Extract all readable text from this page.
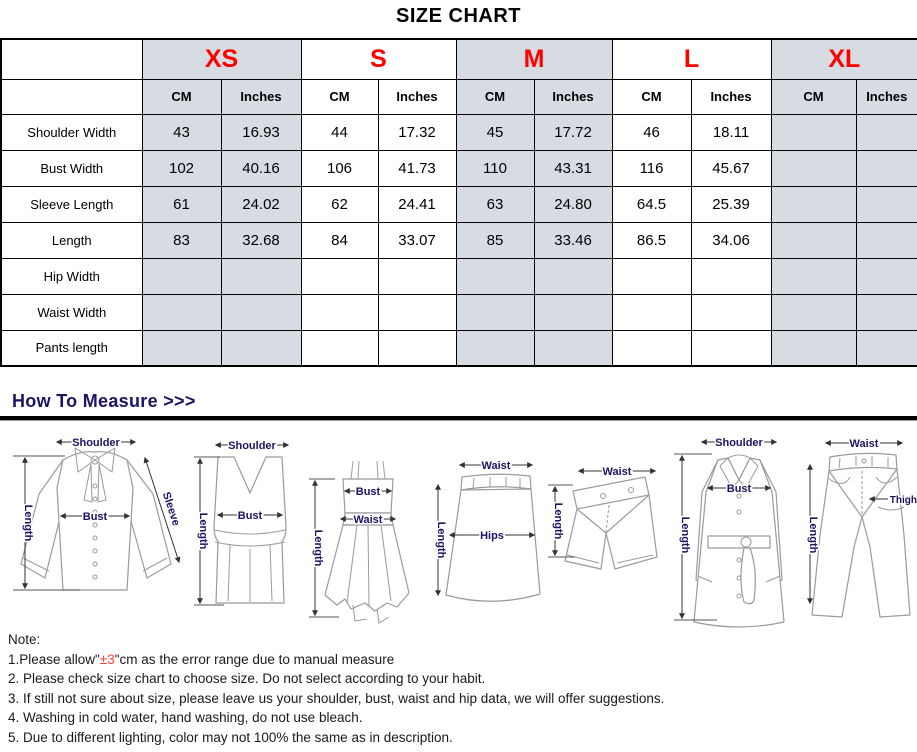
SIZE CHART
	XS		S		M		L		XL	
	CM	Inches	CM	Inches	CM	Inches	CM	Inches	CM	Inches
Shoulder Width	43	16.93	44	17.32	45	17.72	46	18.11		
Bust Width	102	40.16	106	41.73	110	43.31	116	45.67		
Sleeve Length	61	24.02	62	24.41	63	24.80	64.5	25.39		
Length	83	32.68	84	33.07	85	33.46	86.5	34.06		
Hip Width										
Waist Width										
Pants length										
How To Measure >>>
Shoulder
Length	Bust	Sleeve
Shoulder
Length	Bust
Length
Bust
Waist
Waist
Length	Hips
Waist
Length
Shoulder
Length
Bust
Waist
Length
Thigh
Note:
1.Please allow"±3"cm as the error range due to manual measure
2. Please check size chart to choose size. Do not select according to your habit.
3. If still not sure about size, please leave us your shoulder, bust, waist and hip data, we will offer suggestions.
4. Washing in cold water, hand washing, do not use bleach.
5. Due to different lighting, color may not 100% the same as in description.
